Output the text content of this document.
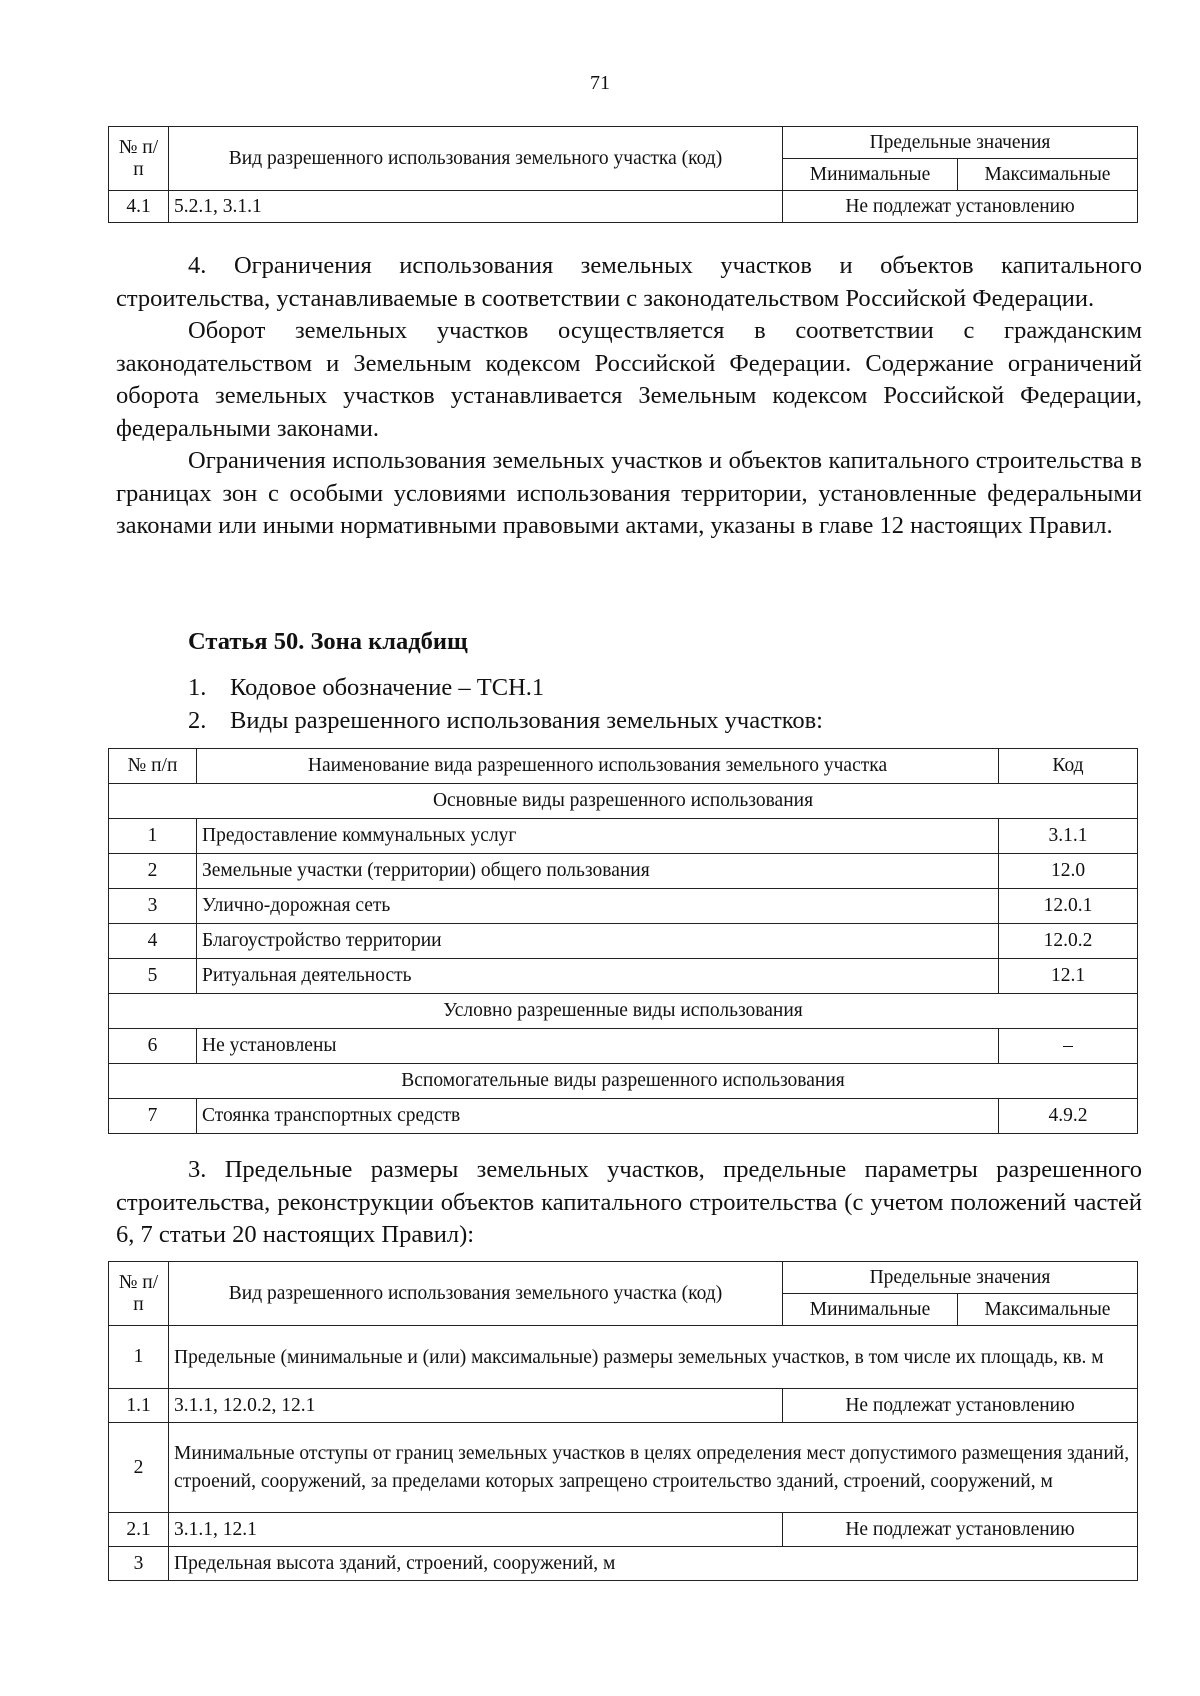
71
№ п/п	Вид разрешенного использования земельного участка (код)	Предельные значения	
		Минимальные	Максимальные
4.1	5.2.1, 3.1.1	Не подлежат установлению	

4. Ограничения использования земельных участков и объектов капитального строительства, устанавливаемые в соответствии с законодательством Российской Федерации.

Оборот земельных участков осуществляется в соответствии с гражданским законодательством и Земельным кодексом Российской Федерации. Содержание ограничений оборота земельных участков устанавливается Земельным кодексом Российской Федерации, федеральными законами.

Ограничения использования земельных участков и объектов капитального строительства в границах зон с особыми условиями использования территории, установленные федеральными законами или иными нормативными правовыми актами, указаны в главе 12 настоящих Правил.

Статья 50. Зона кладбищ
1. Кодовое обозначение – ТСН.1
2. Виды разрешенного использования земельных участков:
№ п/п	Наименование вида разрешенного использования земельного участка	Код
Основные виды разрешенного использования		
1	Предоставление коммунальных услуг	3.1.1
2	Земельные участки (территории) общего пользования	12.0
3	Улично-дорожная сеть	12.0.1
4	Благоустройство территории	12.0.2
5	Ритуальная деятельность	12.1
Условно разрешенные виды использования		
6	Не установлены	–
Вспомогательные виды разрешенного использования		
7	Стоянка транспортных средств	4.9.2

3. Предельные размеры земельных участков, предельные параметры разрешенного строительства, реконструкции объектов капитального строительства (с учетом положений частей 6, 7 статьи 20 настоящих Правил):

№ п/п	Вид разрешенного использования земельного участка (код)	Предельные значения	
		Минимальные	Максимальные
1	Предельные (минимальные и (или) максимальные) размеры земельных участков, в том числе их площадь, кв. м		
1.1	3.1.1, 12.0.2, 12.1	Не подлежат установлению	
2	Минимальные отступы от границ земельных участков в целях определения мест допустимого размещения зданий, строений, сооружений, за пределами которых запрещено строительство зданий, строений, сооружений, м		
2.1	3.1.1, 12.1	Не подлежат установлению	
3	Предельная высота зданий, строений, сооружений, м		
